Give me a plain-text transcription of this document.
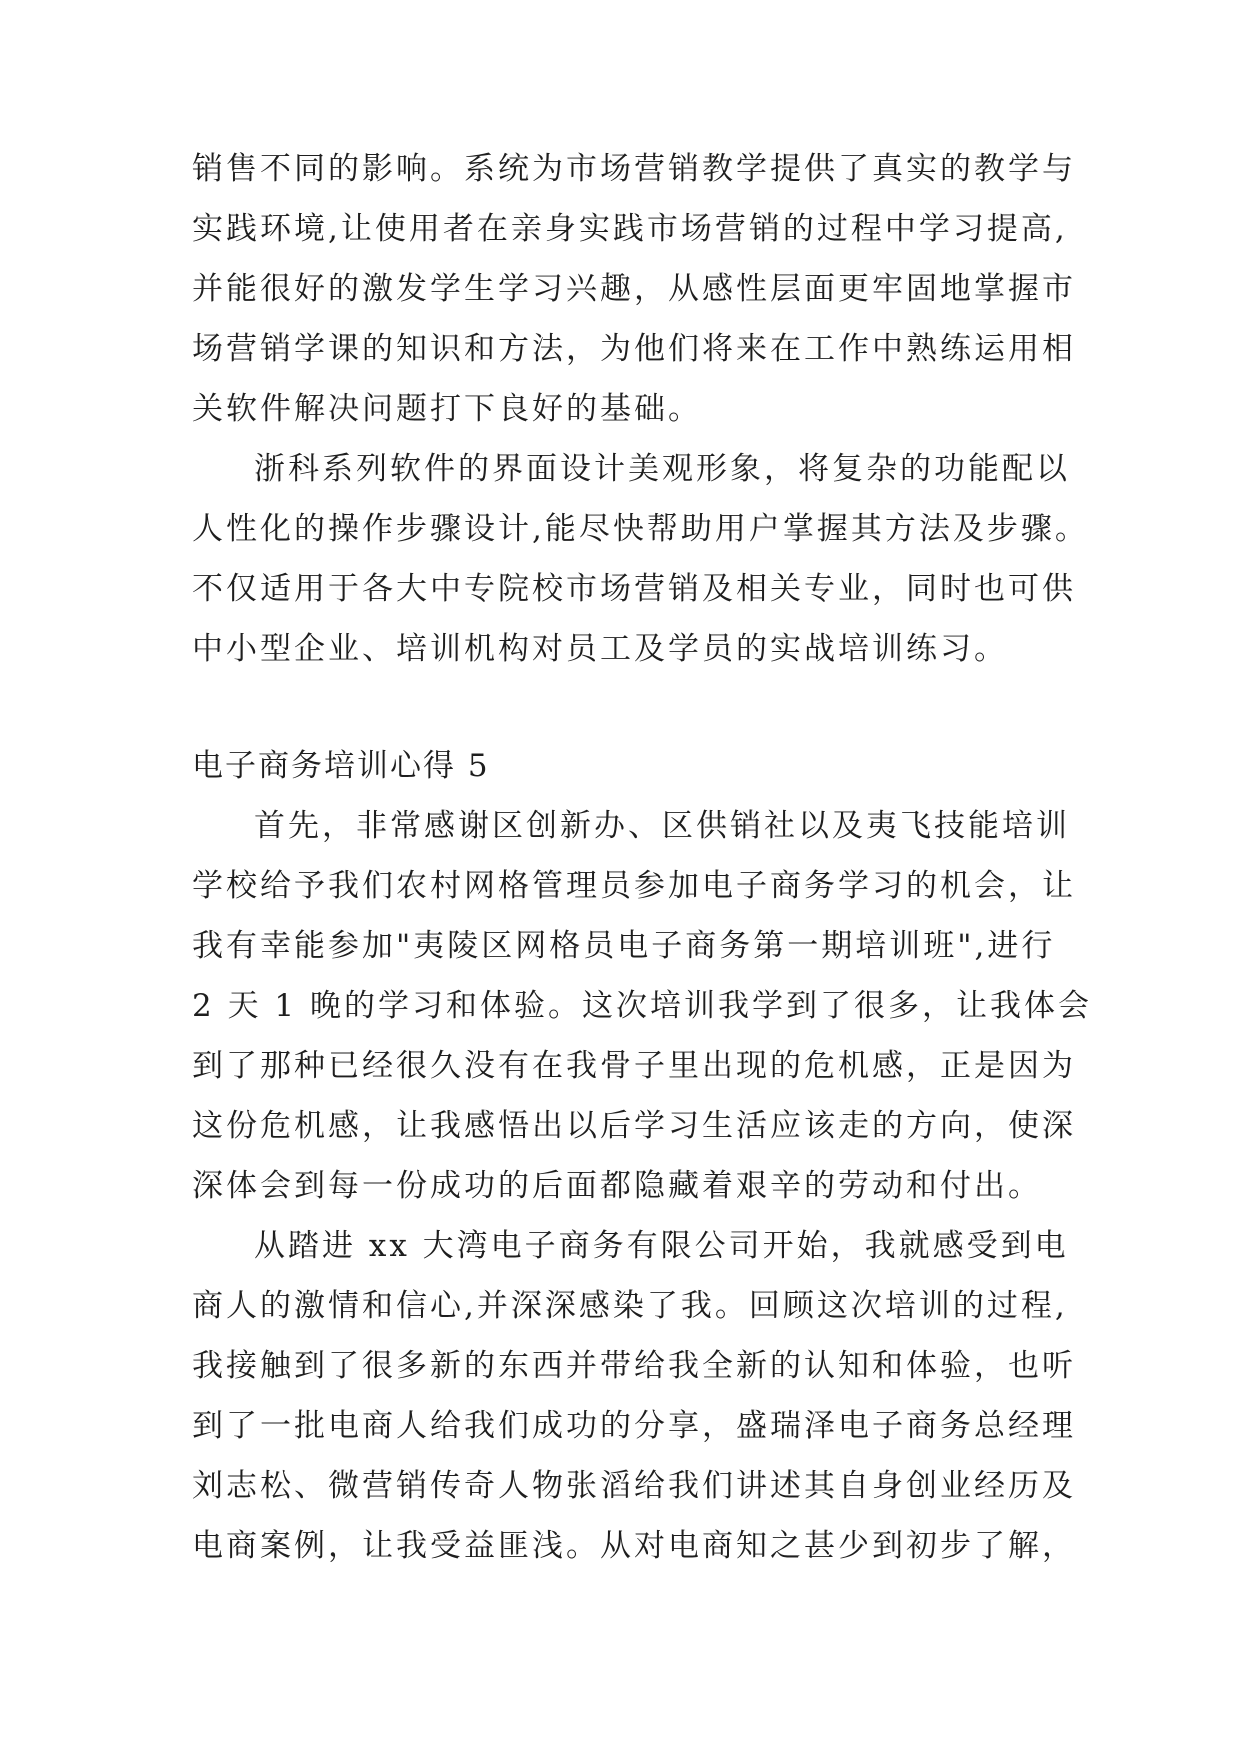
销售不同的影响。系统为市场营销教学提供了真实的教学与
实践环境,让使用者在亲身实践市场营销的过程中学习提高,
并能很好的激发学生学习兴趣，从感性层面更牢固地掌握市
场营销学课的知识和方法，为他们将来在工作中熟练运用相
关软件解决问题打下良好的基础。
浙科系列软件的界面设计美观形象，将复杂的功能配以
人性化的操作步骤设计,能尽快帮助用户掌握其方法及步骤。
不仅适用于各大中专院校市场营销及相关专业，同时也可供
中小型企业、培训机构对员工及学员的实战培训练习。
电子商务培训心得 5
首先，非常感谢区创新办、区供销社以及夷飞技能培训
学校给予我们农村网格管理员参加电子商务学习的机会，让
我有幸能参加"夷陵区网格员电子商务第一期培训班",进行
2 天 1 晚的学习和体验。这次培训我学到了很多，让我体会
到了那种已经很久没有在我骨子里出现的危机感，正是因为
这份危机感，让我感悟出以后学习生活应该走的方向，使深
深体会到每一份成功的后面都隐藏着艰辛的劳动和付出。
从踏进 xx 大湾电子商务有限公司开始，我就感受到电
商人的激情和信心,并深深感染了我。回顾这次培训的过程,
我接触到了很多新的东西并带给我全新的认知和体验，也听
到了一批电商人给我们成功的分享，盛瑞泽电子商务总经理
刘志松、微营销传奇人物张滔给我们讲述其自身创业经历及
电商案例，让我受益匪浅。从对电商知之甚少到初步了解，
